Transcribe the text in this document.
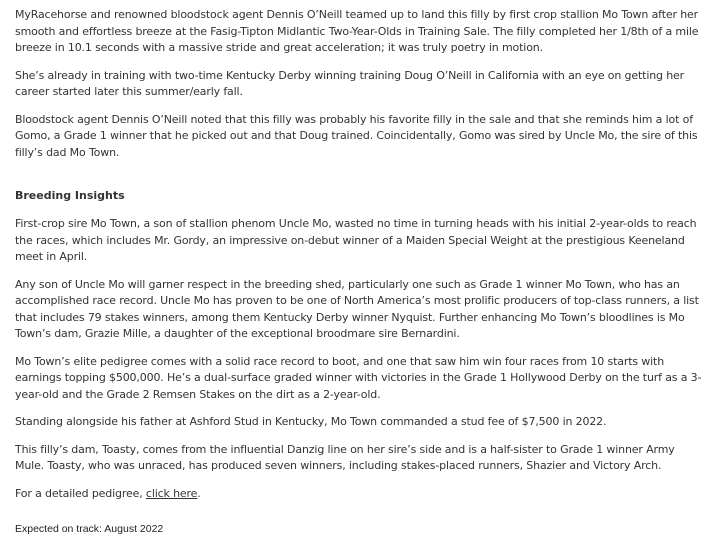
MyRacehorse and renowned bloodstock agent Dennis O’Neill teamed up to land this filly by first crop stallion Mo Town after her smooth and effortless breeze at the Fasig-Tipton Midlantic Two-Year-Olds in Training Sale. The filly completed her 1/8th of a mile breeze in 10.1 seconds with a massive stride and great acceleration; it was truly poetry in motion.

She’s already in training with two-time Kentucky Derby winning training Doug O’Neill in California with an eye on getting her career started later this summer/early fall.

Bloodstock agent Dennis O’Neill noted that this filly was probably his favorite filly in the sale and that she reminds him a lot of Gomo, a Grade 1 winner that he picked out and that Doug trained. Coincidentally, Gomo was sired by Uncle Mo, the sire of this filly’s dad Mo Town.

Breeding Insights

First-crop sire Mo Town, a son of stallion phenom Uncle Mo, wasted no time in turning heads with his initial 2-year-olds to reach the races, which includes Mr. Gordy, an impressive on-debut winner of a Maiden Special Weight at the prestigious Keeneland meet in April.

Any son of Uncle Mo will garner respect in the breeding shed, particularly one such as Grade 1 winner Mo Town, who has an accomplished race record. Uncle Mo has proven to be one of North America’s most prolific producers of top-class runners, a list that includes 79 stakes winners, among them Kentucky Derby winner Nyquist. Further enhancing Mo Town’s bloodlines is Mo Town’s dam, Grazie Mille, a daughter of the exceptional broodmare sire Bernardini.

Mo Town’s elite pedigree comes with a solid race record to boot, and one that saw him win four races from 10 starts with earnings topping $500,000. He’s a dual-surface graded winner with victories in the Grade 1 Hollywood Derby on the turf as a 3-year-old and the Grade 2 Remsen Stakes on the dirt as a 2-year-old.

Standing alongside his father at Ashford Stud in Kentucky, Mo Town commanded a stud fee of $7,500 in 2022.

This filly’s dam, Toasty, comes from the influential Danzig line on her sire’s side and is a half-sister to Grade 1 winner Army Mule. Toasty, who was unraced, has produced seven winners, including stakes-placed runners, Shazier and Victory Arch.

For a detailed pedigree, click here.

Expected on track: August 2022
